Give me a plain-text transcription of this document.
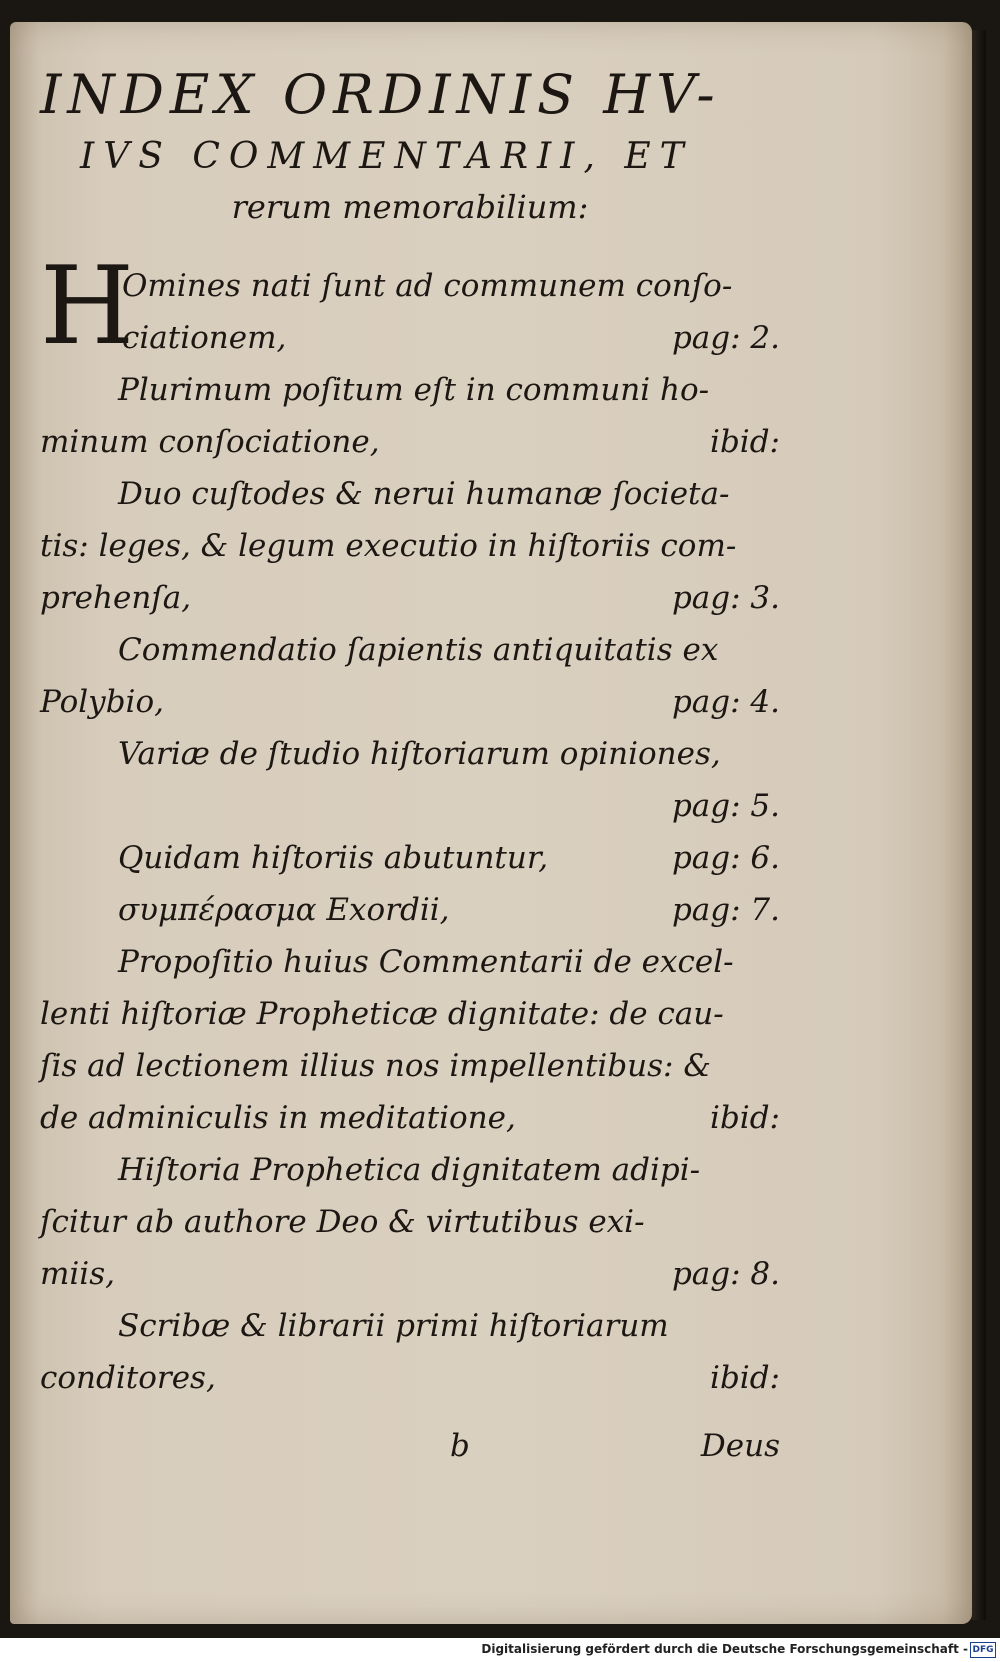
INDEX ORDINIS HV-
IVS COMMENTARII, ET
rerum memorabilium:
H
Omines nati ſunt ad communem conſo-
ciationem,	pag: 2.
Plurimum poſitum eſt in communi ho-
minum conſociatione,	ibid:
Duo cuſtodes & nerui humanæ ſocieta-
tis: leges, & legum executio in hiſtoriis com-
prehenſa,	pag: 3.
Commendatio ſapientis antiquitatis ex
Polybio,	pag: 4.
Variæ de ſtudio hiſtoriarum opiniones,
pag: 5.
Quidam hiſtoriis abutuntur,	pag: 6.
συμπέρασμα Exordii,	pag: 7.
Propoſitio huius Commentarii de excel-
lenti hiſtoriæ Propheticæ dignitate: de cau-
ſis ad lectionem illius nos impellentibus: &
de adminiculis in meditatione,	ibid:
Hiſtoria Prophetica dignitatem adipi-
ſcitur ab authore Deo & virtutibus exi-
miis,	pag: 8.
Scribæ & librarii primi hiſtoriarum
conditores,	ibid:
b	Deus
Digitalisierung gefördert durch die Deutsche Forschungsgemeinschaft - DFG
